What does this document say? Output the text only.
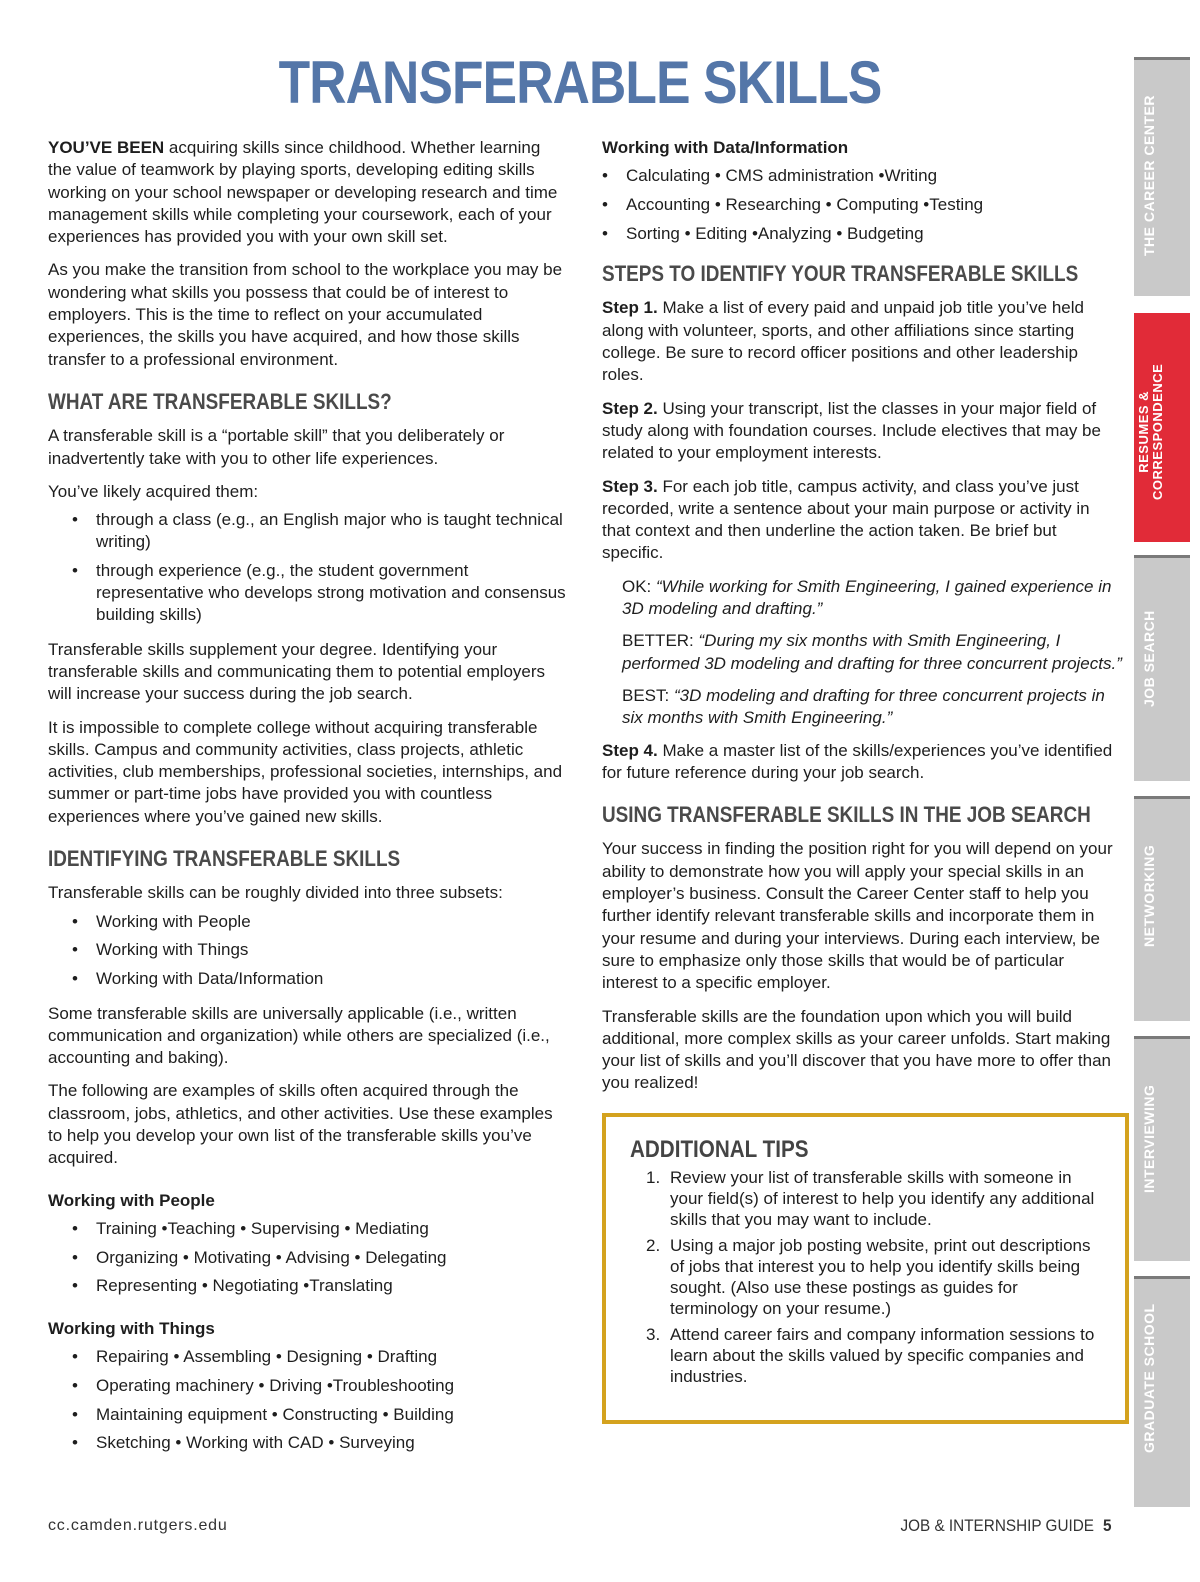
TRANSFERABLE SKILLS

YOU’VE BEEN acquiring skills since childhood. Whether learning the value of teamwork by playing sports, developing editing skills working on your school newspaper or developing research and time management skills while completing your coursework, each of your experiences has provided you with your own skill set.

As you make the transition from school to the workplace you may be wondering what skills you possess that could be of interest to employers. This is the time to reflect on your accumulated experiences, the skills you have acquired, and how those skills transfer to a professional environment.

WHAT ARE TRANSFERABLE SKILLS?

A transferable skill is a “portable skill” that you deliberately or inadvertently take with you to other life experiences.

You’ve likely acquired them:

• through a class (e.g., an English major who is taught technical writing)
• through experience (e.g., the student government representative who develops strong motivation and consensus building skills)

Transferable skills supplement your degree. Identifying your transferable skills and communicating them to potential employers will increase your success during the job search.

It is impossible to complete college without acquiring transferable skills. Campus and community activities, class projects, athletic activities, club memberships, professional societies, internships, and summer or part-time jobs have provided you with countless experiences where you’ve gained new skills.

IDENTIFYING TRANSFERABLE SKILLS

Transferable skills can be roughly divided into three subsets:

• Working with People
• Working with Things
• Working with Data/Information

Some transferable skills are universally applicable (i.e., written communication and organization) while others are specialized (i.e., accounting and baking).

The following are examples of skills often acquired through the classroom, jobs, athletics, and other activities. Use these examples to help you develop your own list of the transferable skills you’ve acquired.

Working with People
• Training •Teaching • Supervising • Mediating
• Organizing • Motivating • Advising • Delegating
• Representing • Negotiating •Translating
Working with Things
• Repairing • Assembling • Designing • Drafting
• Operating machinery • Driving •Troubleshooting
• Maintaining equipment • Constructing • Building
• Sketching • Working with CAD • Surveying
Working with Data/Information
• Calculating • CMS administration •Writing
• Accounting • Researching • Computing •Testing
• Sorting • Editing •Analyzing • Budgeting
STEPS TO IDENTIFY YOUR TRANSFERABLE SKILLS

Step 1. Make a list of every paid and unpaid job title you’ve held along with volunteer, sports, and other affiliations since starting college. Be sure to record officer positions and other leadership roles.

Step 2. Using your transcript, list the classes in your major field of study along with foundation courses. Include electives that may be related to your employment interests.

Step 3. For each job title, campus activity, and class you’ve just recorded, write a sentence about your main purpose or activity in that context and then underline the action taken. Be brief but specific.

OK: “While working for Smith Engineering, I gained experience in 3D modeling and drafting.”
BETTER: “During my six months with Smith Engineering, I performed 3D modeling and drafting for three concurrent projects.”
BEST: “3D modeling and drafting for three concurrent projects in six months with Smith Engineering.”

Step 4. Make a master list of the skills/experiences you’ve identified for future reference during your job search.

USING TRANSFERABLE SKILLS IN THE JOB SEARCH

Your success in finding the position right for you will depend on your ability to demonstrate how you will apply your special skills in an employer’s business. Consult the Career Center staff to help you further identify relevant transferable skills and incorporate them in your resume and during your interviews. During each interview, be sure to emphasize only those skills that would be of particular interest to a specific employer.

Transferable skills are the foundation upon which you will build additional, more complex skills as your career unfolds. Start making your list of skills and you’ll discover that you have more to offer than you realized!

ADDITIONAL TIPS
1. Review your list of transferable skills with someone in your field(s) of interest to help you identify any additional skills that you may want to include.
2. Using a major job posting website, print out descriptions of jobs that interest you to help you identify skills being sought. (Also use these postings as guides for terminology on your resume.)
3. Attend career fairs and company information sessions to learn about the skills valued by specific companies and industries.
cc.camden.rutgers.edu	JOB & INTERNSHIP GUIDE 5
THE CAREER CENTER
RESUMES &
CORRESPONDENCE
JOB SEARCH
NETWORKING
INTERVIEWING
GRADUATE SCHOOL
